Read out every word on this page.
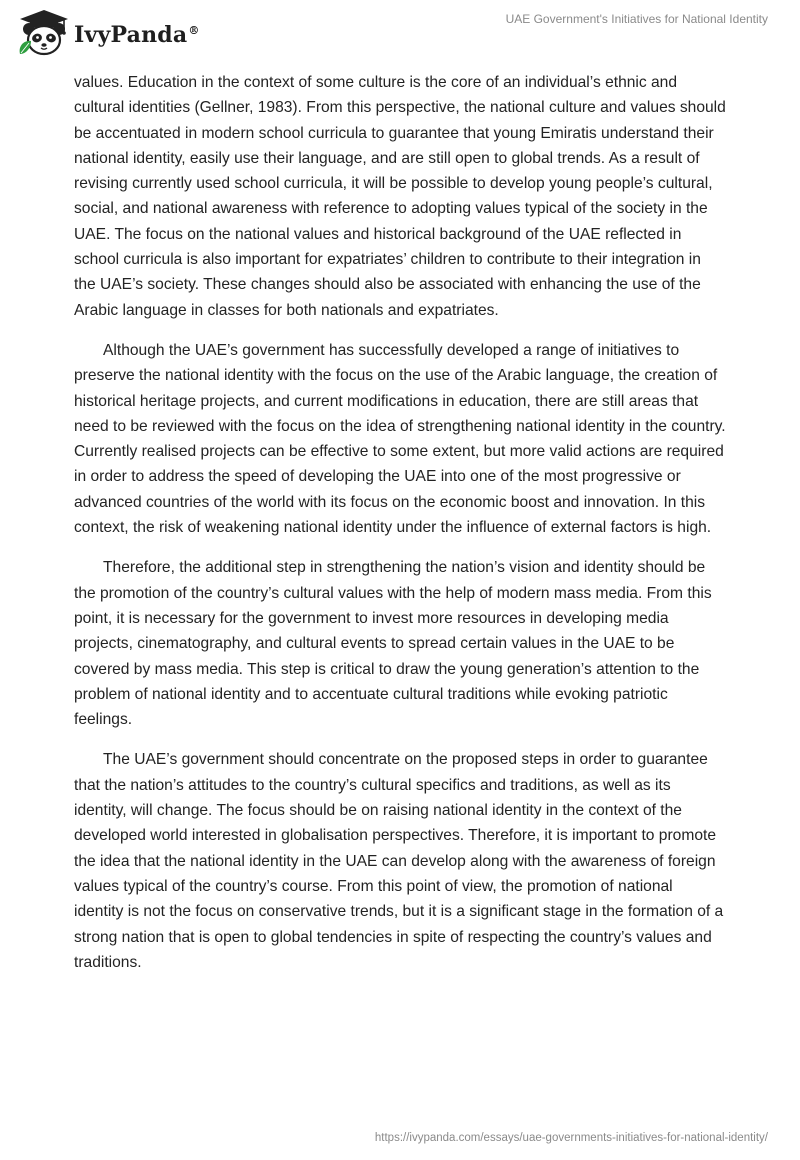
IvyPanda®
UAE Government's Initiatives for National Identity

values. Education in the context of some culture is the core of an individual’s ethnic and cultural identities (Gellner, 1983). From this perspective, the national culture and values should be accentuated in modern school curricula to guarantee that young Emiratis understand their national identity, easily use their language, and are still open to global trends. As a result of revising currently used school curricula, it will be possible to develop young people’s cultural, social, and national awareness with reference to adopting values typical of the society in the UAE. The focus on the national values and historical background of the UAE reflected in school curricula is also important for expatriates’ children to contribute to their integration in the UAE’s society. These changes should also be associated with enhancing the use of the Arabic language in classes for both nationals and expatriates.

Although the UAE’s government has successfully developed a range of initiatives to preserve the national identity with the focus on the use of the Arabic language, the creation of historical heritage projects, and current modifications in education, there are still areas that need to be reviewed with the focus on the idea of strengthening national identity in the country. Currently realised projects can be effective to some extent, but more valid actions are required in order to address the speed of developing the UAE into one of the most progressive or advanced countries of the world with its focus on the economic boost and innovation. In this context, the risk of weakening national identity under the influence of external factors is high.

Therefore, the additional step in strengthening the nation’s vision and identity should be the promotion of the country’s cultural values with the help of modern mass media. From this point, it is necessary for the government to invest more resources in developing media projects, cinematography, and cultural events to spread certain values in the UAE to be covered by mass media. This step is critical to draw the young generation’s attention to the problem of national identity and to accentuate cultural traditions while evoking patriotic feelings.

The UAE’s government should concentrate on the proposed steps in order to guarantee that the nation’s attitudes to the country’s cultural specifics and traditions, as well as its identity, will change. The focus should be on raising national identity in the context of the developed world interested in globalisation perspectives. Therefore, it is important to promote the idea that the national identity in the UAE can develop along with the awareness of foreign values typical of the country’s course. From this point of view, the promotion of national identity is not the focus on conservative trends, but it is a significant stage in the formation of a strong nation that is open to global tendencies in spite of respecting the country’s values and traditions.

https://ivypanda.com/essays/uae-governments-initiatives-for-national-identity/
